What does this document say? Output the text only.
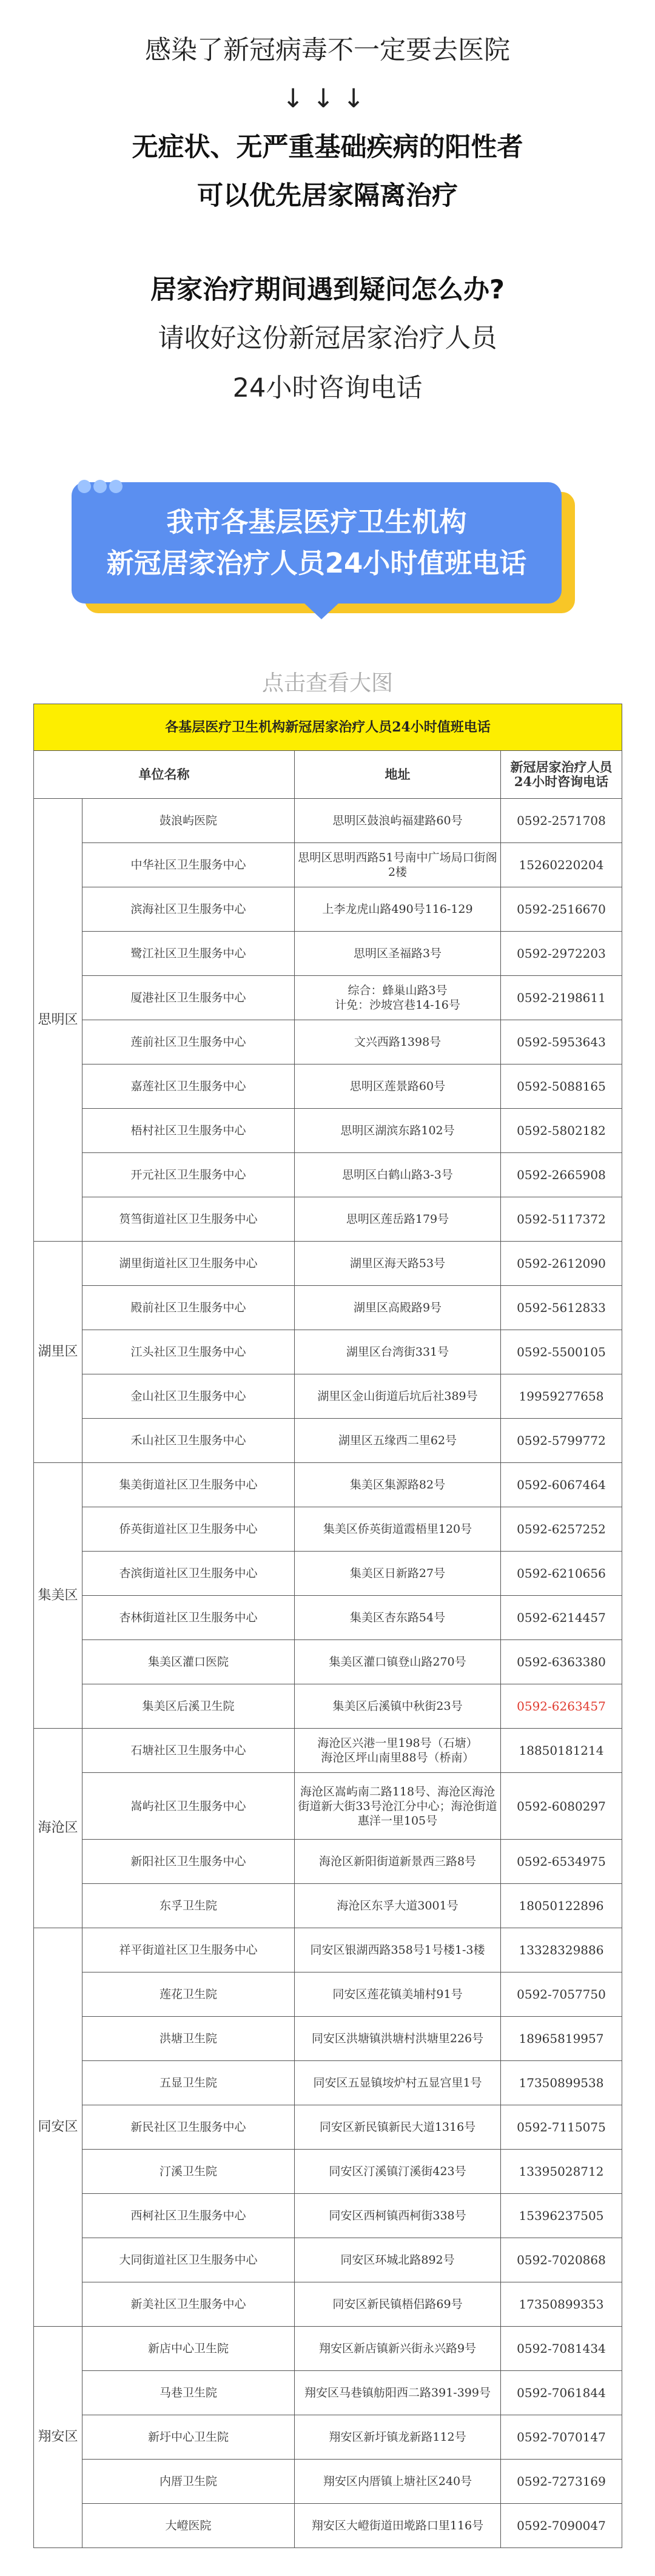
感染了新冠病毒不一定要去医院
↓↓↓
无症状、无严重基础疾病的阳性者
可以优先居家隔离治疗
居家治疗期间遇到疑问怎么办?
请收好这份新冠居家治疗人员
24小时咨询电话
我市各基层医疗卫生机构
新冠居家治疗人员24小时值班电话
点击查看大图
各基层医疗卫生机构新冠居家治疗人员24小时值班电话			
单位名称		地址	新冠居家治疗人员24小时咨询电话
思明区	鼓浪屿医院	思明区鼓浪屿福建路60号	0592-2571708
	中华社区卫生服务中心	思明区思明西路51号南中广场局口街阁2楼	15260220204
	滨海社区卫生服务中心	上李龙虎山路490号116-129	0592-2516670
	鹭江社区卫生服务中心	思明区圣福路3号	0592-2972203
	厦港社区卫生服务中心	综合：蜂巢山路3号
计免：沙坡宫巷14-16号	0592-2198611
	莲前社区卫生服务中心	文兴西路1398号	0592-5953643
	嘉莲社区卫生服务中心	思明区莲景路60号	0592-5088165
	梧村社区卫生服务中心	思明区湖滨东路102号	0592-5802182
	开元社区卫生服务中心	思明区白鹤山路3-3号	0592-2665908
	筼筜街道社区卫生服务中心	思明区莲岳路179号	0592-5117372
湖里区	湖里街道社区卫生服务中心	湖里区海天路53号	0592-2612090
	殿前社区卫生服务中心	湖里区高殿路9号	0592-5612833
	江头社区卫生服务中心	湖里区台湾街331号	0592-5500105
	金山社区卫生服务中心	湖里区金山街道后坑后社389号	19959277658
	禾山社区卫生服务中心	湖里区五缘西二里62号	0592-5799772
集美区	集美街道社区卫生服务中心	集美区集源路82号	0592-6067464
	侨英街道社区卫生服务中心	集美区侨英街道霞梧里120号	0592-6257252
	杏滨街道社区卫生服务中心	集美区日新路27号	0592-6210656
	杏林街道社区卫生服务中心	集美区杏东路54号	0592-6214457
	集美区灌口医院	集美区灌口镇登山路270号	0592-6363380
	集美区后溪卫生院	集美区后溪镇中秋街23号	0592-6263457
海沧区	石塘社区卫生服务中心	海沧区兴港一里198号（石塘）
海沧区坪山南里88号（桥南）	18850181214
	嵩屿社区卫生服务中心	海沧区嵩屿南二路118号、海沧区海沧街道新大街33号沧江分中心；海沧街道惠洋一里105号	0592-6080297
	新阳社区卫生服务中心	海沧区新阳街道新景西三路8号	0592-6534975
	东孚卫生院	海沧区东孚大道3001号	18050122896
同安区	祥平街道社区卫生服务中心	同安区银湖西路358号1号楼1-3楼	13328329886
	莲花卫生院	同安区莲花镇美埔村91号	0592-7057750
	洪塘卫生院	同安区洪塘镇洪塘村洪塘里226号	18965819957
	五显卫生院	同安区五显镇垵炉村五显宫里1号	17350899538
	新民社区卫生服务中心	同安区新民镇新民大道1316号	0592-7115075
	汀溪卫生院	同安区汀溪镇汀溪街423号	13395028712
	西柯社区卫生服务中心	同安区西柯镇西柯街338号	15396237505
	大同街道社区卫生服务中心	同安区环城北路892号	0592-7020868
	新美社区卫生服务中心	同安区新民镇梧侣路69号	17350899353
翔安区	新店中心卫生院	翔安区新店镇新兴街永兴路9号	0592-7081434
	马巷卫生院	翔安区马巷镇舫阳西二路391-399号	0592-7061844
	新圩中心卫生院	翔安区新圩镇龙新路112号	0592-7070147
	内厝卫生院	翔安区内厝镇上塘社区240号	0592-7273169
	大嶝医院	翔安区大嶝街道田墘路口里116号	0592-7090047
